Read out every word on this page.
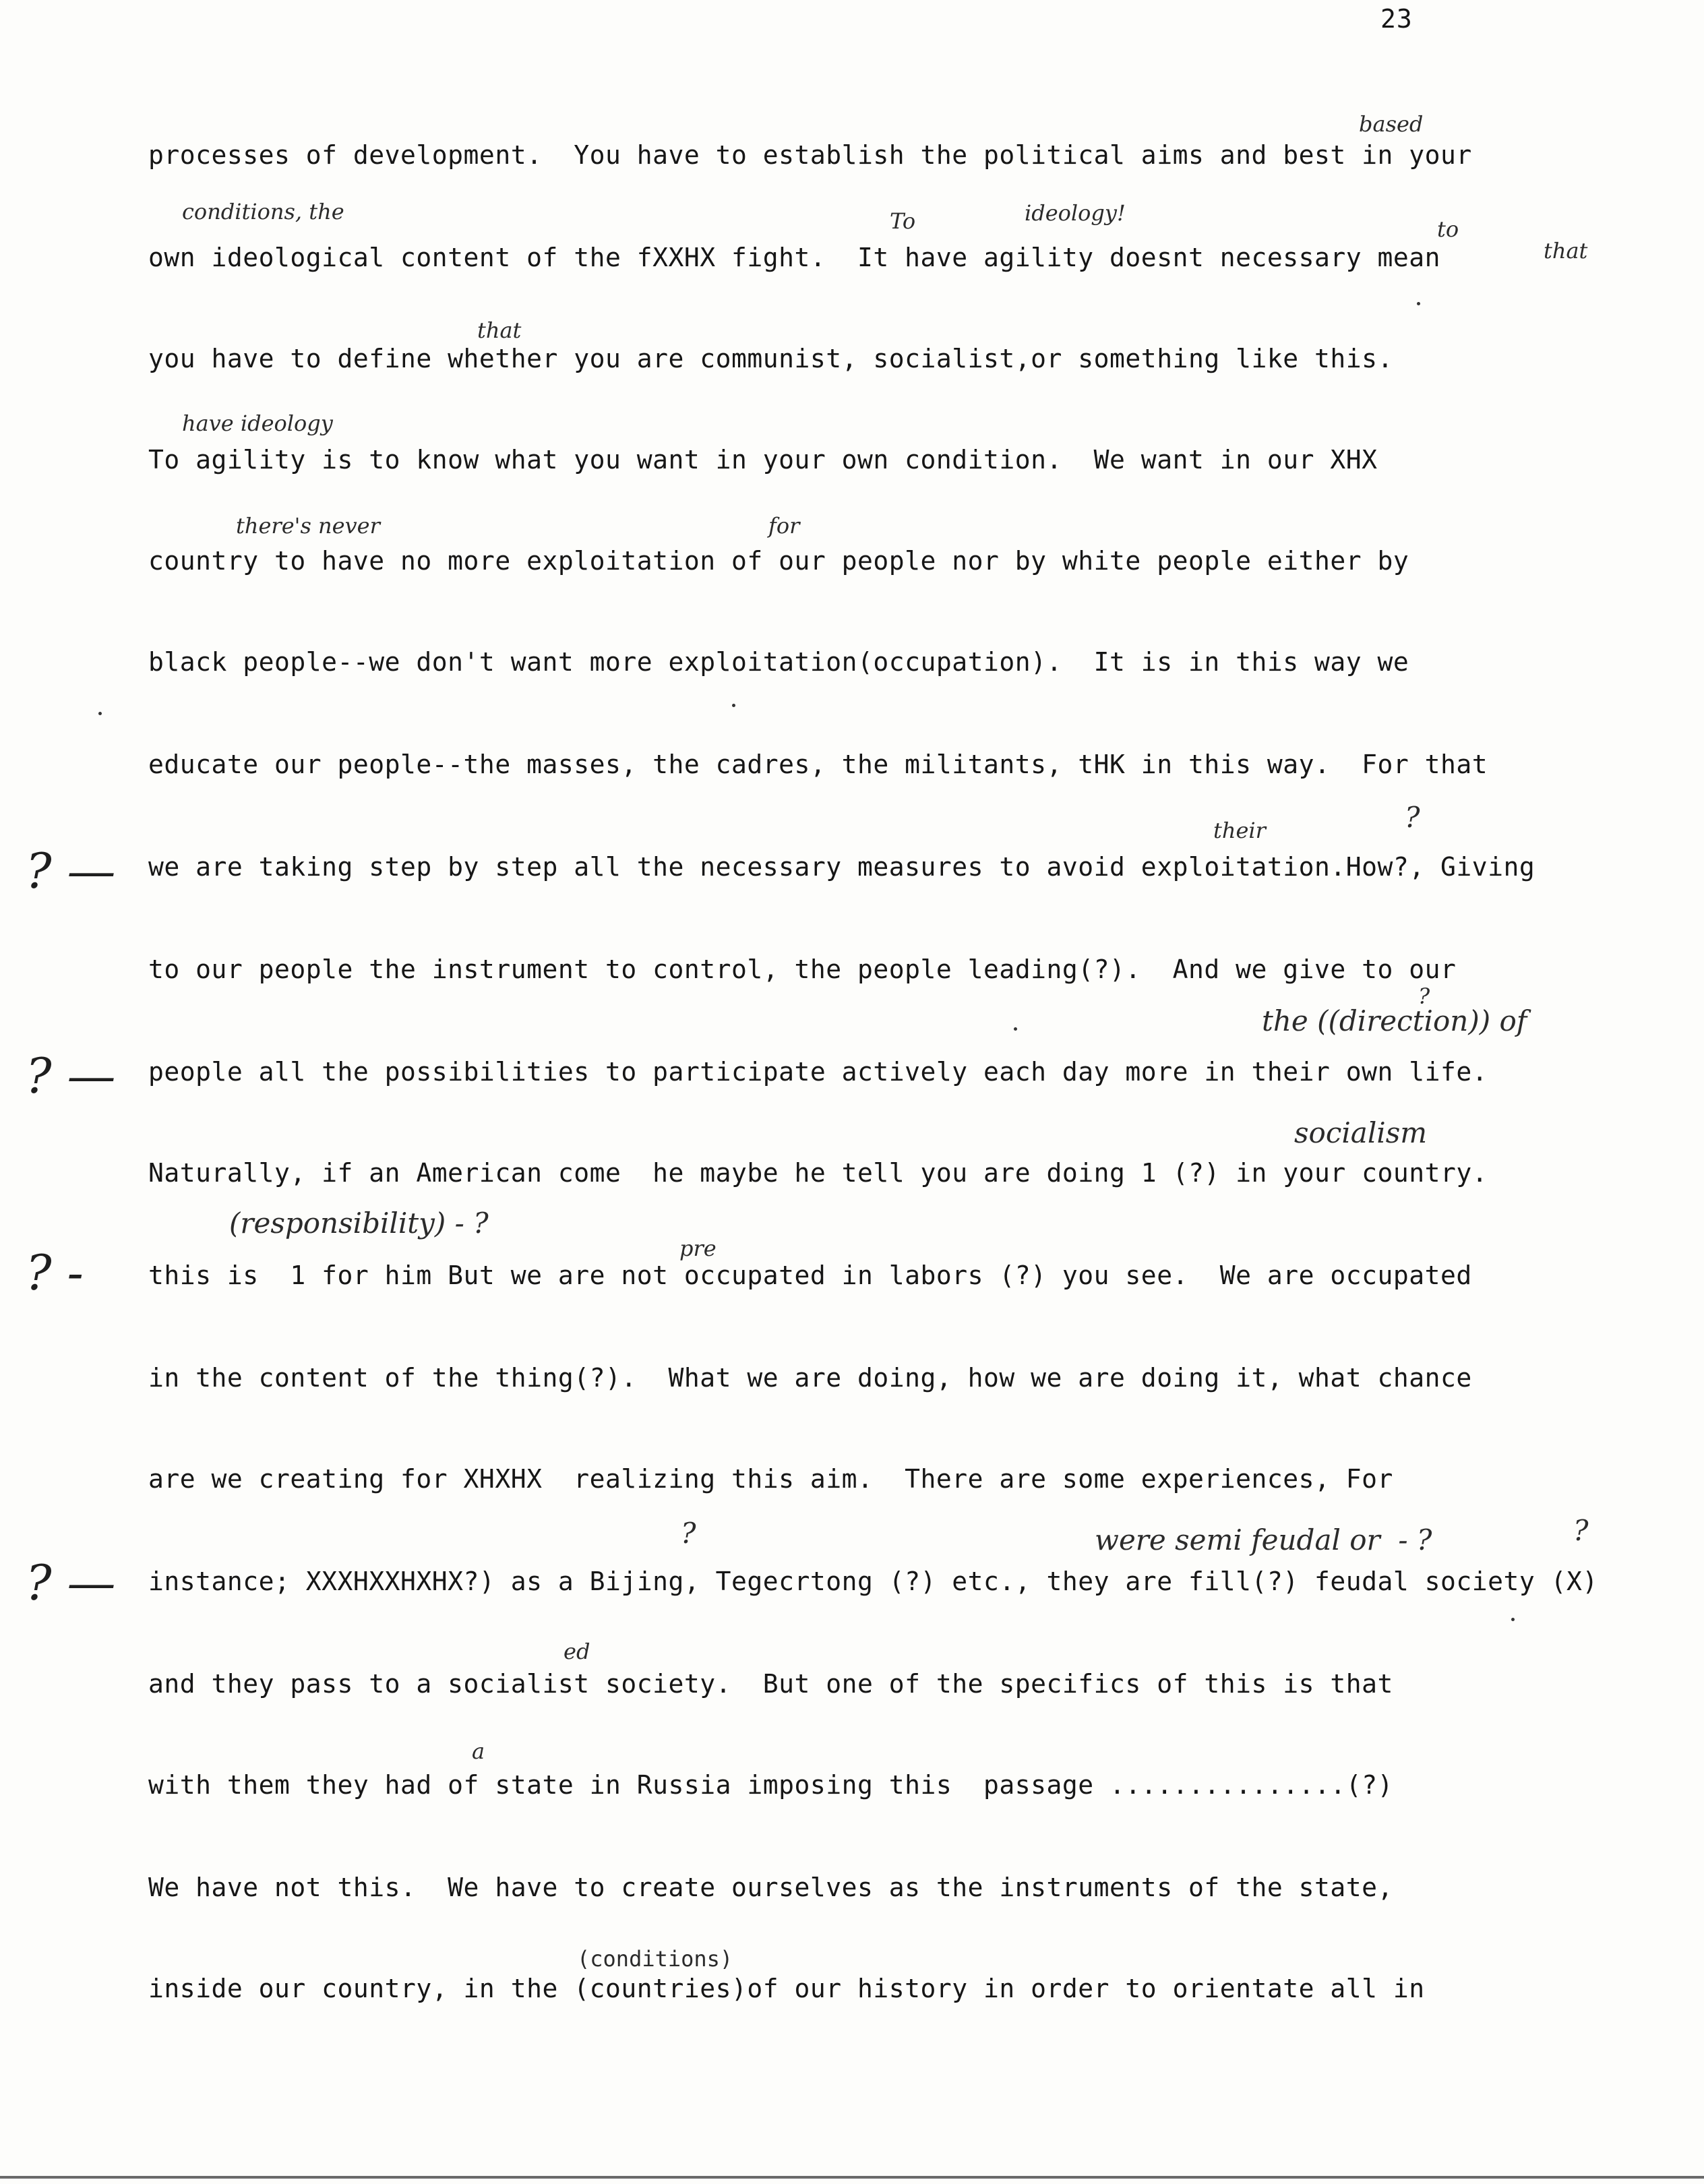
23
processes of development.  You have to establish the political aims and best in your
own ideological content of the fXXHX fight.  It have agility doesnt necessary mean
you have to define whether you are communist, socialist,or something like this.
To agility is to know what you want in your own condition.  We want in our XHX
country to have no more exploitation of our people nor by white people either by
black people--we don't want more exploitation(occupation).  It is in this way we
educate our people--the masses, the cadres, the militants, tHK in this way.  For that
we are taking step by step all the necessary measures to avoid exploitation.How?, Giving
to our people the instrument to control, the people leading(?).  And we give to our
people all the possibilities to participate actively each day more in their own life.
Naturally, if an American come  he maybe he tell you are doing 1 (?) in your country.
this is  1 for him But we are not occupated in labors (?) you see.  We are occupated
in the content of the thing(?).  What we are doing, how we are doing it, what chance
are we creating for XHXHX  realizing this aim.  There are some experiences, For
instance; XXXHXXHXHX?) as a Bijing, Tegecrtong (?) etc., they are fill(?) feudal society (X)
and they pass to a socialist society.  But one of the specifics of this is that
with them they had of state in Russia imposing this  passage ...............(?)
We have not this.  We have to create ourselves as the instruments of the state,
inside our country, in the (countries)of our history in order to orientate all in
based
conditions, the	To	ideology!
to
that
that
have ideology
there's never	for
their	?
the ((direction)) of
?
socialism
(responsibility) - ?
pre
were semi feudal or  - ?
?	?
ed
a
(conditions)
? —
? —
? -
? —
